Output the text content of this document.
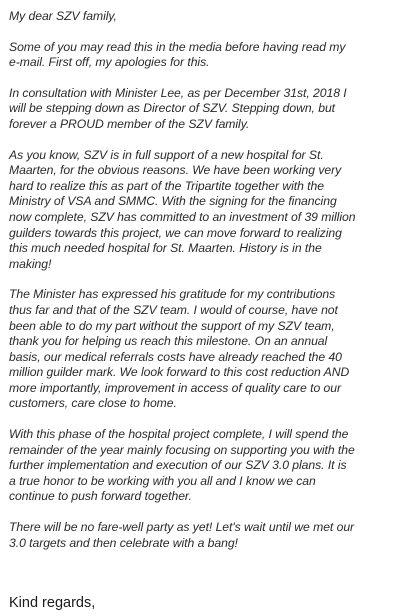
My dear SZV family,

Some of you may read this in the media before having read my
e-mail. First off, my apologies for this.

In consultation with Minister Lee, as per December 31st, 2018 I
will be stepping down as Director of SZV. Stepping down, but
forever a PROUD member of the SZV family.

As you know, SZV is in full support of a new hospital for St.
Maarten, for the obvious reasons. We have been working very
hard to realize this as part of the Tripartite together with the
Ministry of VSA and SMMC. With the signing for the financing
now complete, SZV has committed to an investment of 39 million
guilders towards this project, we can move forward to realizing
this much needed hospital for St. Maarten. History is in the
making!

The Minister has expressed his gratitude for my contributions
thus far and that of the SZV team. I would of course, have not
been able to do my part without the support of my SZV team,
thank you for helping us reach this milestone. On an annual
basis, our medical referrals costs have already reached the 40
million guilder mark. We look forward to this cost reduction AND
more importantly, improvement in access of quality care to our
customers, care close to home.

With this phase of the hospital project complete, I will spend the
remainder of the year mainly focusing on supporting you with the
further implementation and execution of our SZV 3.0 plans. It is
a true honor to be working with you all and I know we can
continue to push forward together.

There will be no fare-well party as yet! Let's wait until we met our
3.0 targets and then celebrate with a bang!

Kind regards,
